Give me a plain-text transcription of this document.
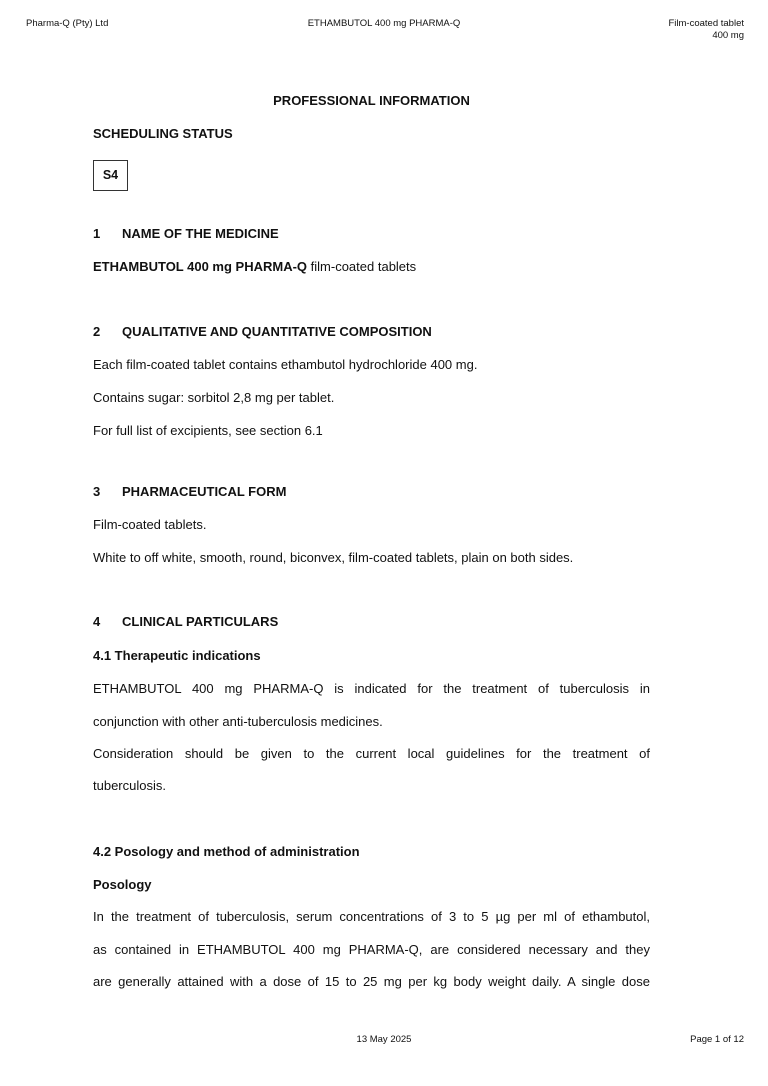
Pharma-Q (Pty) Ltd	ETHAMBUTOL 400 mg PHARMA-Q	Film-coated tablet
400 mg
PROFESSIONAL INFORMATION
SCHEDULING STATUS
S4
1 NAME OF THE MEDICINE
ETHAMBUTOL 400 mg PHARMA-Q film-coated tablets
2 QUALITATIVE AND QUANTITATIVE COMPOSITION
Each film-coated tablet contains ethambutol hydrochloride 400 mg.
Contains sugar: sorbitol 2,8 mg per tablet.
For full list of excipients, see section 6.1
3 PHARMACEUTICAL FORM
Film-coated tablets.
White to off white, smooth, round, biconvex, film-coated tablets, plain on both sides.
4 CLINICAL PARTICULARS
4.1 Therapeutic indications
ETHAMBUTOL 400 mg PHARMA-Q is indicated for the treatment of tuberculosis in
conjunction with other anti-tuberculosis medicines.
Consideration should be given to the current local guidelines for the treatment of
tuberculosis.
4.2 Posology and method of administration
Posology
In the treatment of tuberculosis, serum concentrations of 3 to 5 µg per ml of ethambutol,
as contained in ETHAMBUTOL 400 mg PHARMA-Q, are considered necessary and they
are generally attained with a dose of 15 to 25 mg per kg body weight daily. A single dose
13 May 2025	Page 1 of 12
